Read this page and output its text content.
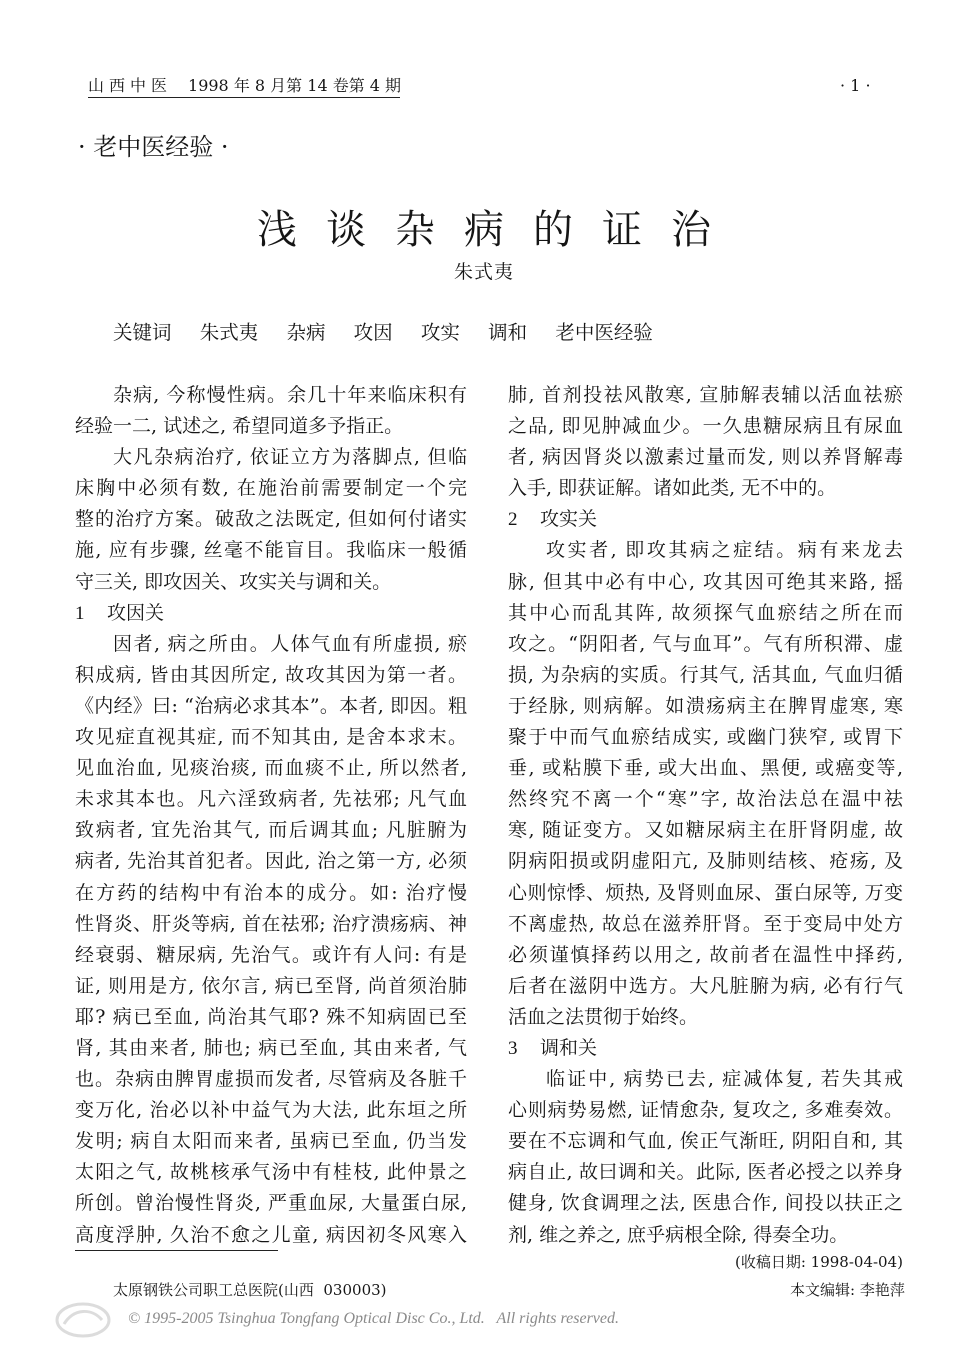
山西中医 1998 年 8 月第 14 卷第 4 期	· 1 ·
· 老中医经验 ·
浅谈杂病的证治
朱式夷
关键词 朱式夷 杂病 攻因 攻实 调和 老中医经验
杂病, 今称慢性病。余几十年来临床积有
经验一二, 试述之, 希望同道多予指正。
大凡杂病治疗, 依证立方为落脚点, 但临
床胸中必须有数, 在施治前需要制定一个完
整的治疗方案。破敌之法既定, 但如何付诸实
施, 应有步骤, 丝毫不能盲目。我临床一般循
守三关, 即攻因关、攻实关与调和关。
1 攻因关
因者, 病之所由。人体气血有所虚损, 瘀
积成病, 皆由其因所定, 故攻其因为第一者。
《内经》曰: “治病必求其本”。本者, 即因。粗
攻见症直视其症, 而不知其由, 是舍本求末。
见血治血, 见痰治痰, 而血痰不止, 所以然者,
未求其本也。凡六淫致病者, 先祛邪; 凡气血
致病者, 宜先治其气, 而后调其血; 凡脏腑为
病者, 先治其首犯者。因此, 治之第一方, 必须
在方药的结构中有治本的成分。如: 治疗慢
性肾炎、肝炎等病, 首在祛邪; 治疗溃疡病、神
经衰弱、糖尿病, 先治气。或许有人问: 有是
证, 则用是方, 依尔言, 病已至肾, 尚首须治肺
耶? 病已至血, 尚治其气耶? 殊不知病固已至
肾, 其由来者, 肺也; 病已至血, 其由来者, 气
也。杂病由脾胃虚损而发者, 尽管病及各脏千
变万化, 治必以补中益气为大法, 此东垣之所
发明; 病自太阳而来者, 虽病已至血, 仍当发
太阳之气, 故桃核承气汤中有桂枝, 此仲景之
所创。曾治慢性肾炎, 严重血尿, 大量蛋白尿,
高度浮肿, 久治不愈之儿童, 病因初冬风寒入
肺, 首剂投祛风散寒, 宣肺解表辅以活血祛瘀
之品, 即见肿减血少。一久患糖尿病且有尿血
者, 病因肾炎以激素过量而发, 则以养肾解毒
入手, 即获证解。诸如此类, 无不中的。
2 攻实关
攻实者, 即攻其病之症结。病有来龙去
脉, 但其中必有中心, 攻其因可绝其来路, 摇
其中心而乱其阵, 故须探气血瘀结之所在而
攻之。“阴阳者, 气与血耳”。气有所积滞、虚
损, 为杂病的实质。行其气, 活其血, 气血归循
于经脉, 则病解。如溃疡病主在脾胃虚寒, 寒
聚于中而气血瘀结成实, 或幽门狭窄, 或胃下
垂, 或粘膜下垂, 或大出血、黑便, 或癌变等,
然终究不离一个“寒”字, 故治法总在温中祛
寒, 随证变方。又如糖尿病主在肝肾阴虚, 故
阴病阳损或阴虚阳亢, 及肺则结核、疮疡, 及
心则惊悸、烦热, 及肾则血尿、蛋白尿等, 万变
不离虚热, 故总在滋养肝肾。至于变局中处方
必须谨慎择药以用之, 故前者在温性中择药,
后者在滋阴中选方。大凡脏腑为病, 必有行气
活血之法贯彻于始终。
3 调和关
临证中, 病势已去, 症减体复, 若失其戒
心则病势易燃, 证情愈杂, 复攻之, 多难奏效。
要在不忘调和气血, 俟正气渐旺, 阴阳自和, 其
病自止, 故曰调和关。此际, 医者必授之以养身
健身, 饮食调理之法, 医患合作, 间投以扶正之
剂, 维之养之, 庶乎病根全除, 得奏全功。
(收稿日期: 1998-04-04)
太原钢铁公司职工总医院(山西  030003)	本文编辑: 李艳萍
© 1995-2005 Tsinghua Tongfang Optical Disc Co., Ltd.   All rights reserved.
